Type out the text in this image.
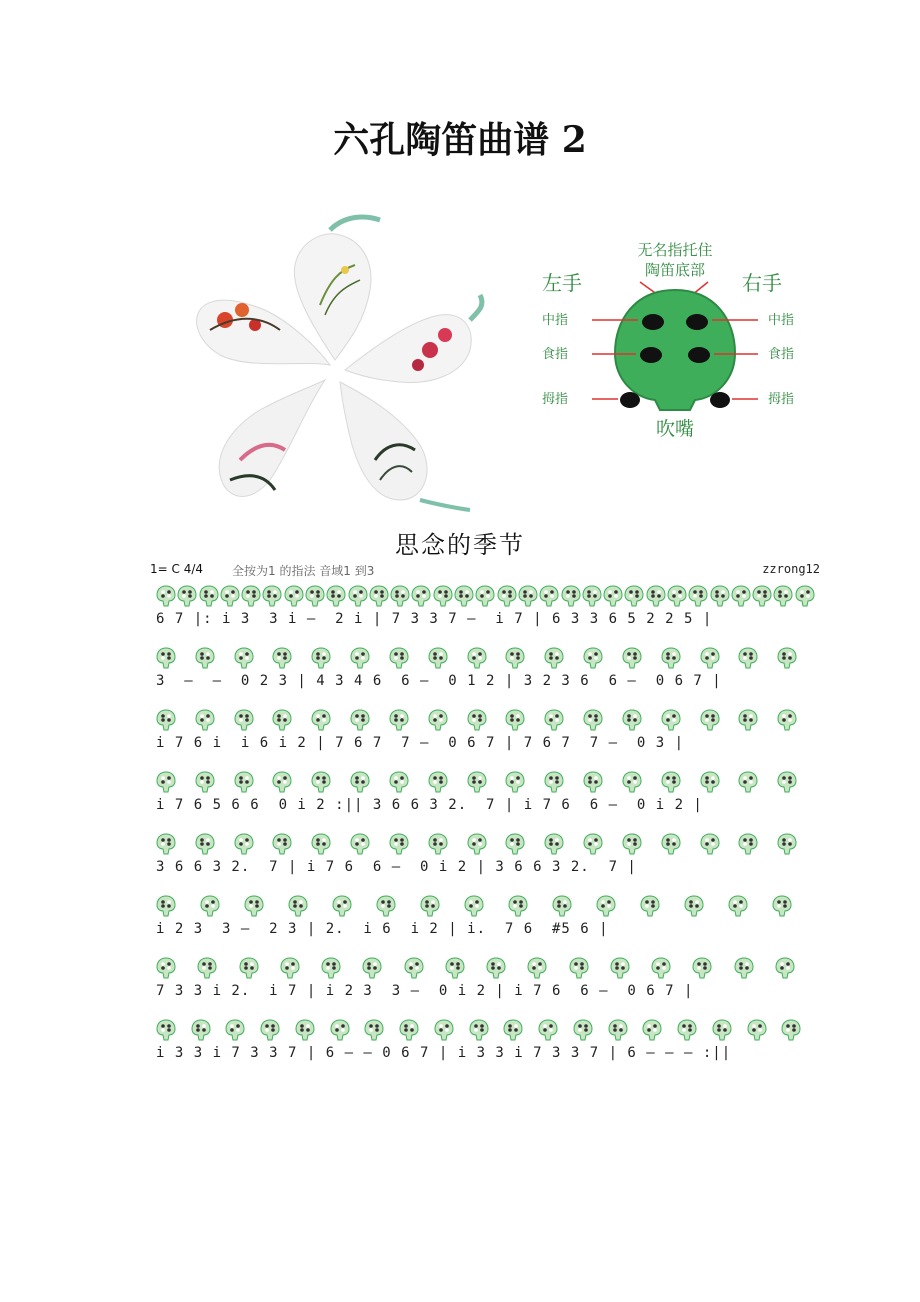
六孔陶笛曲谱 2
无名指托住
陶笛底部
左手	右手
中指	中指
食指	食指
拇指	拇指
吹嘴
思念的季节
1= C 4/4 全按为1 的指法 音域1 到3	zzrong12
6 7 |: i 3  3 i –  2 i | 7 3 3 7 –  i 7 | 6 3 3 6 5 2 2 5 |
3  –  –  0 2 3 | 4 3 4 6  6 –  0 1 2 | 3 2 3 6  6 –  0 6 7 |
i 7 6 i  i 6 i 2 | 7 6 7  7 –  0 6 7 | 7 6 7  7 –  0 3 |
i 7 6 5 6 6  0 i 2 :|| 3 6 6 3 2.  7 | i 7 6  6 –  0 i 2 |
3 6 6 3 2.  7 | i 7 6  6 –  0 i 2 | 3 6 6 3 2.  7 |
i 2 3  3 –  2 3 | 2.  i 6  i 2 | i.  7 6  #5 6 |
7 3 3 i 2.  i 7 | i 2 3  3 –  0 i 2 | i 7 6  6 –  0 6 7 |
i 3 3 i 7 3 3 7 | 6 – – 0 6 7 | i 3 3 i 7 3 3 7 | 6 – – – :||
